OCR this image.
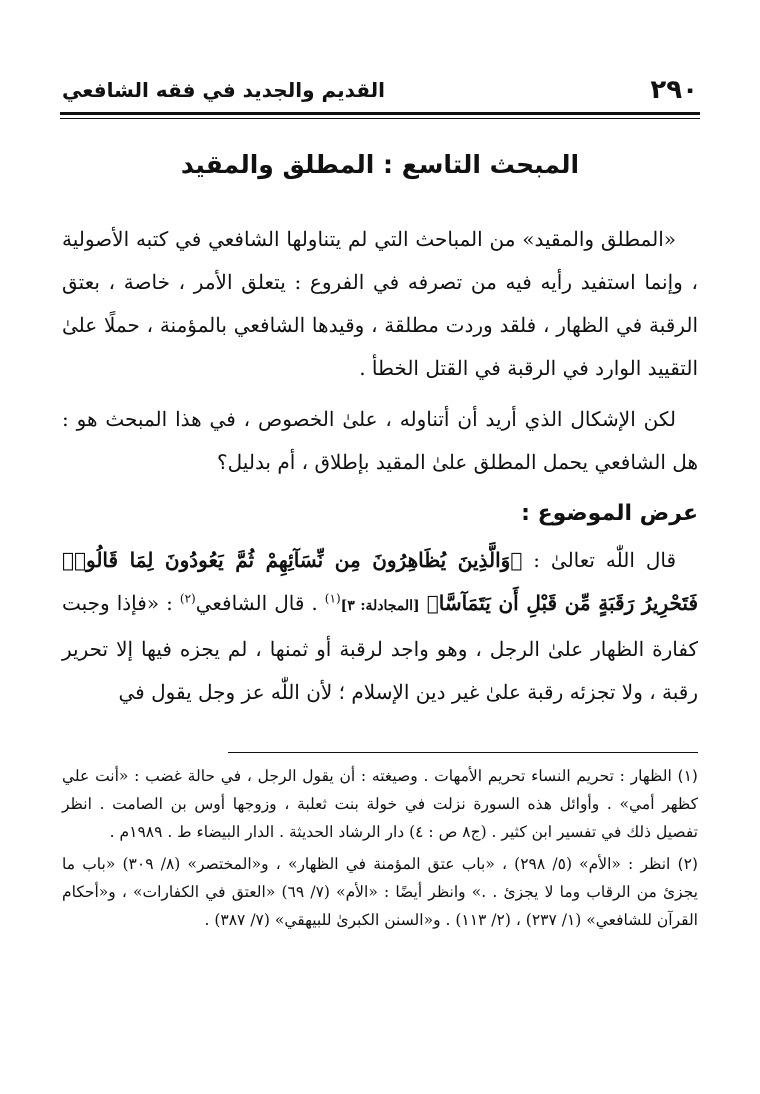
٢٩٠
القديم والجديد في فقه الشافعي
المبحث التاسع : المطلق والمقيد

«المطلق والمقيد» من المباحث التي لم يتناولها الشافعي في كتبه الأصولية ، وإنما استفيد رأيه فيه من تصرفه في الفروع : يتعلق الأمر ، خاصة ، بعتق الرقبة في الظهار ، فلقد وردت مطلقة ، وقيدها الشافعي بالمؤمنة ، حملًا علىٰ التقييد الوارد في الرقبة في القتل الخطأ .

لكن الإشكال الذي أريد أن أتناوله ، علىٰ الخصوص ، في هذا المبحث هو : هل الشافعي يحمل المطلق علىٰ المقيد بإطلاق ، أم بدليل؟

عرض الموضوع :

قال اللّٰه تعالىٰ : ﴿وَالَّذِينَ يُظَاهِرُونَ مِن نِّسَآئِهِمْ ثُمَّ يَعُودُونَ لِمَا قَالُوا۟ فَتَحْرِيرُ رَقَبَةٍ مِّن قَبْلِ أَن يَتَمَآسَّا﴾ [المجادلة: ٣]$^{(١)}$ . قال الشافعي$^{(٢)}$ : «فإذا وجبت كفارة الظهار علىٰ الرجل ، وهو واجد لرقبة أو ثمنها ، لم يجزه فيها إلا تحرير رقبة ، ولا تجزئه رقبة علىٰ غير دين الإسلام ؛ لأن اللّٰه عز وجل يقول في

(١) الظهار : تحريم النساء تحريم الأمهات . وصيغته : أن يقول الرجل ، في حالة غضب : «أنت علي كظهر أمي» . وأوائل هذه السورة نزلت في خولة بنت ثعلبة ، وزوجها أوس بن الصامت . انظر تفصيل ذلك في تفسير ابن كثير . (ج٨ ص : ٤) دار الرشاد الحديثة . الدار البيضاء ط . ١٩٨٩م .

(٢) انظر : «الأم» (٥/ ٢٩٨) ، «باب عتق المؤمنة في الظهار» ، و«المختصر» (٨/ ٣٠٩) «باب ما يجزئ من الرقاب وما لا يجزئ . .» وانظر أيضًا : «الأم» (٧/ ٦٩) «العتق في الكفارات» ، و«أحكام القرآن للشافعي» (١/ ٢٣٧) ، (٢/ ١١٣) . و«السنن الكبرىٰ للبيهقي» (٧/ ٣٨٧) .
